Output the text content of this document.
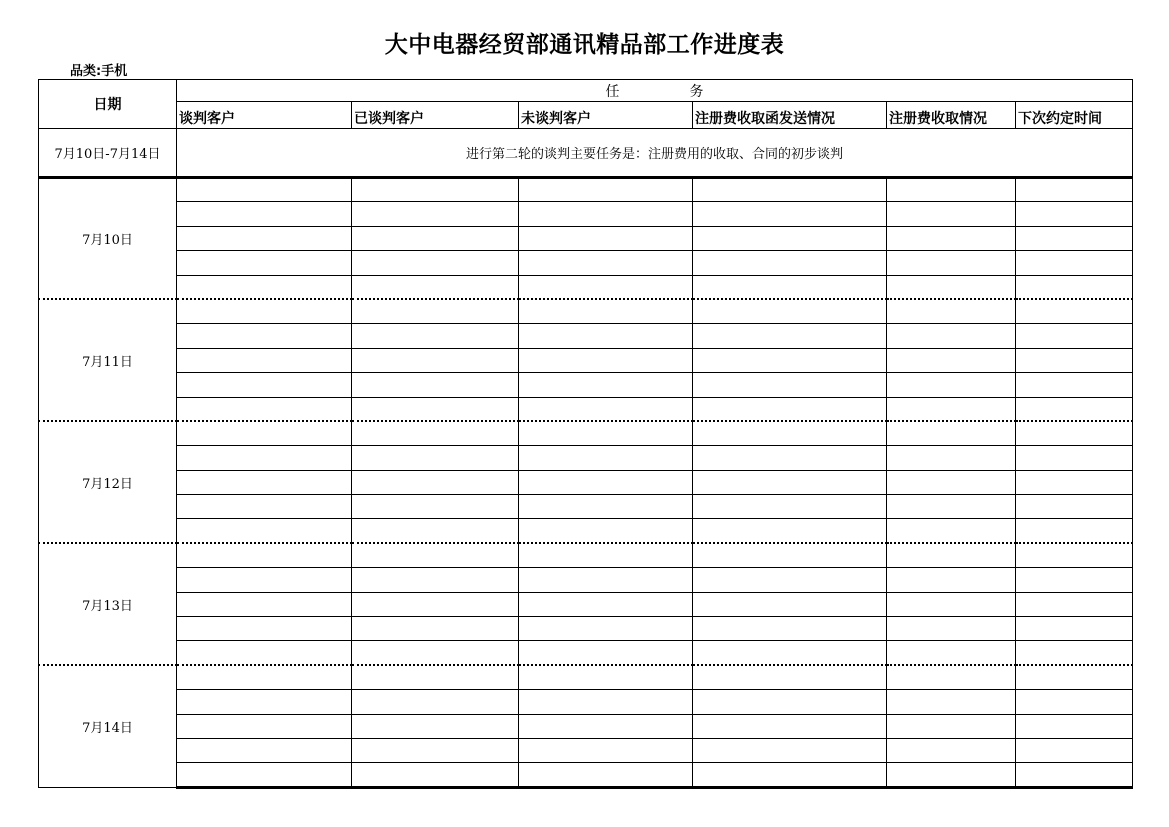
大中电器经贸部通讯精品部工作进度表
品类:手机
日期	任务					
	谈判客户	已谈判客户	未谈判客户	注册费收取函发送情况	注册费收取情况	下次约定时间
7月10日-7月14日	进行第二轮的谈判主要任务是：注册费用的收取、合同的初步谈判					
7月10日						

7月11日						

7月12日						

7月13日						

7月14日						
